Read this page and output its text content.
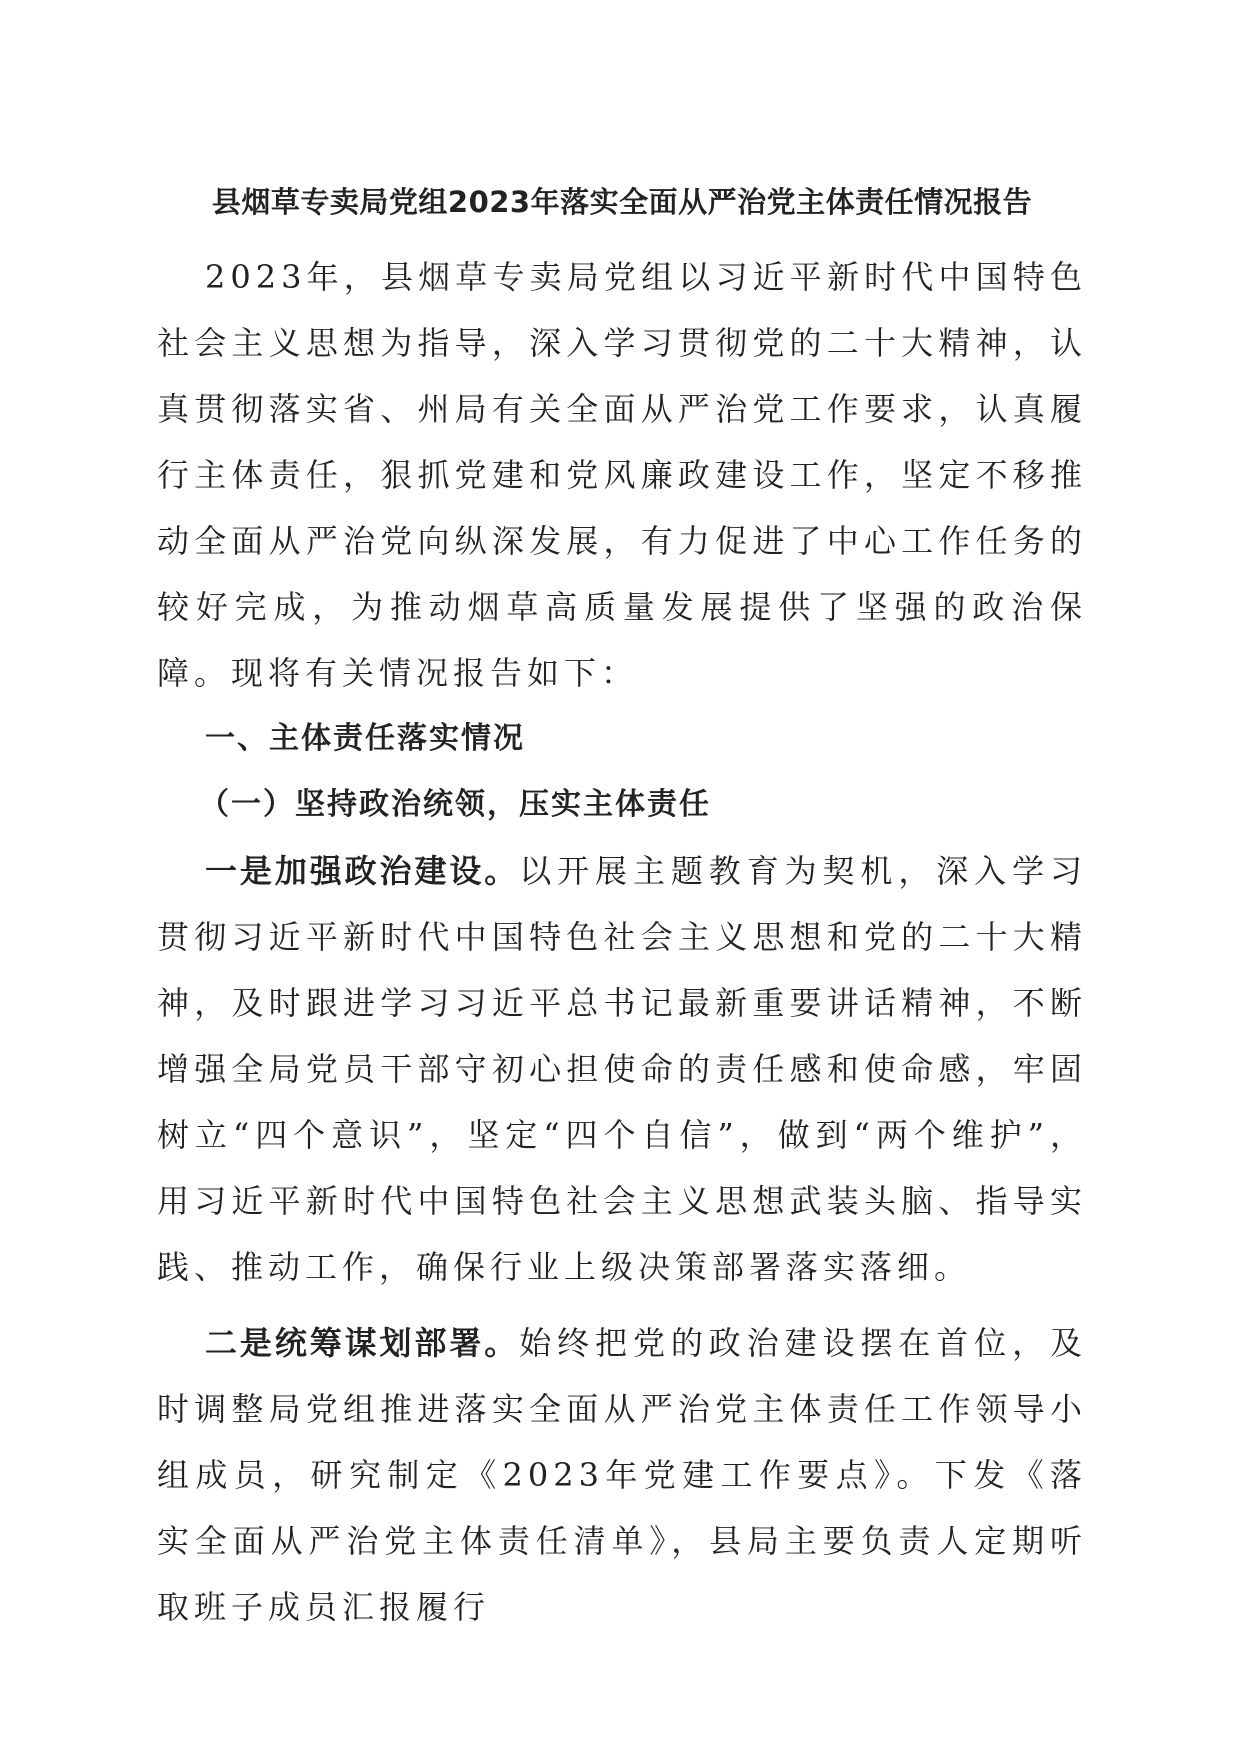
县烟草专卖局党组2023年落实全面从严治党主体责任情况报告

2023年，县烟草专卖局党组以习近平新时代中国特色社会主义思想为指导，深入学习贯彻党的二十大精神，认真贯彻落实省、州局有关全面从严治党工作要求，认真履行主体责任，狠抓党建和党风廉政建设工作，坚定不移推动全面从严治党向纵深发展，有力促进了中心工作任务的较好完成，为推动烟草高质量发展提供了坚强的政治保障。现将有关情况报告如下：

一、主体责任落实情况
（一）坚持政治统领，压实主体责任

一是加强政治建设。以开展主题教育为契机，深入学习贯彻习近平新时代中国特色社会主义思想和党的二十大精神，及时跟进学习习近平总书记最新重要讲话精神，不断增强全局党员干部守初心担使命的责任感和使命感，牢固树立“四个意识”，坚定“四个自信”，做到“两个维护”，用习近平新时代中国特色社会主义思想武装头脑、指导实践、推动工作，确保行业上级决策部署落实落细。

二是统筹谋划部署。始终把党的政治建设摆在首位，及时调整局党组推进落实全面从严治党主体责任工作领导小组成员，研究制定《2023年党建工作要点》。下发《落实全面从严治党主体责任清单》，县局主要负责人定期听取班子成员汇报履行
